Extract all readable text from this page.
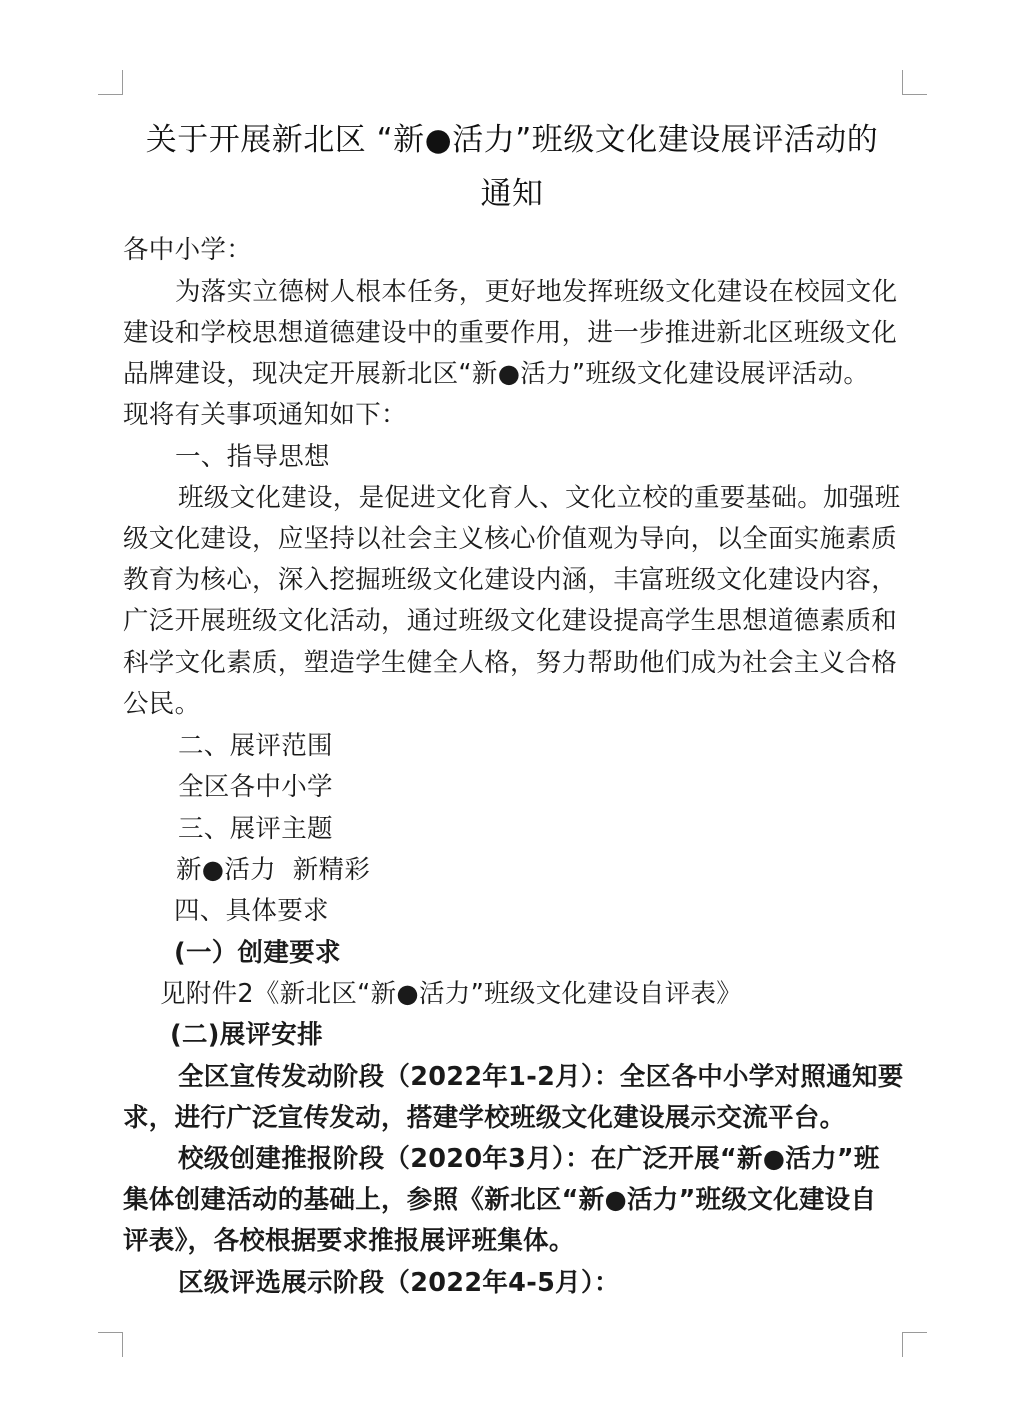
关于开展新北区 “新●活力”班级文化建设展评活动的
通知
各中小学：
为落实立德树人根本任务，更好地发挥班级文化建设在校园文化
建设和学校思想道德建设中的重要作用，进一步推进新北区班级文化
品牌建设，现决定开展新北区“新●活力”班级文化建设展评活动。
现将有关事项通知如下：
一、指导思想
班级文化建设，是促进文化育人、文化立校的重要基础。加强班
级文化建设，应坚持以社会主义核心价值观为导向，以全面实施素质
教育为核心，深入挖掘班级文化建设内涵，丰富班级文化建设内容，
广泛开展班级文化活动，通过班级文化建设提高学生思想道德素质和
科学文化素质，塑造学生健全人格，努力帮助他们成为社会主义合格
公民。
二、展评范围
全区各中小学
三、展评主题
新●活力  新精彩
四、具体要求
(一）创建要求
见附件2《新北区“新●活力”班级文化建设自评表》
(二)展评安排
全区宣传发动阶段（2022年1-2月）：全区各中小学对照通知要
求，进行广泛宣传发动，搭建学校班级文化建设展示交流平台。
校级创建推报阶段（2020年3月）：在广泛开展“新●活力”班
集体创建活动的基础上，参照《新北区“新●活力”班级文化建设自
评表》，各校根据要求推报展评班集体。
区级评选展示阶段（2022年4-5月）：
